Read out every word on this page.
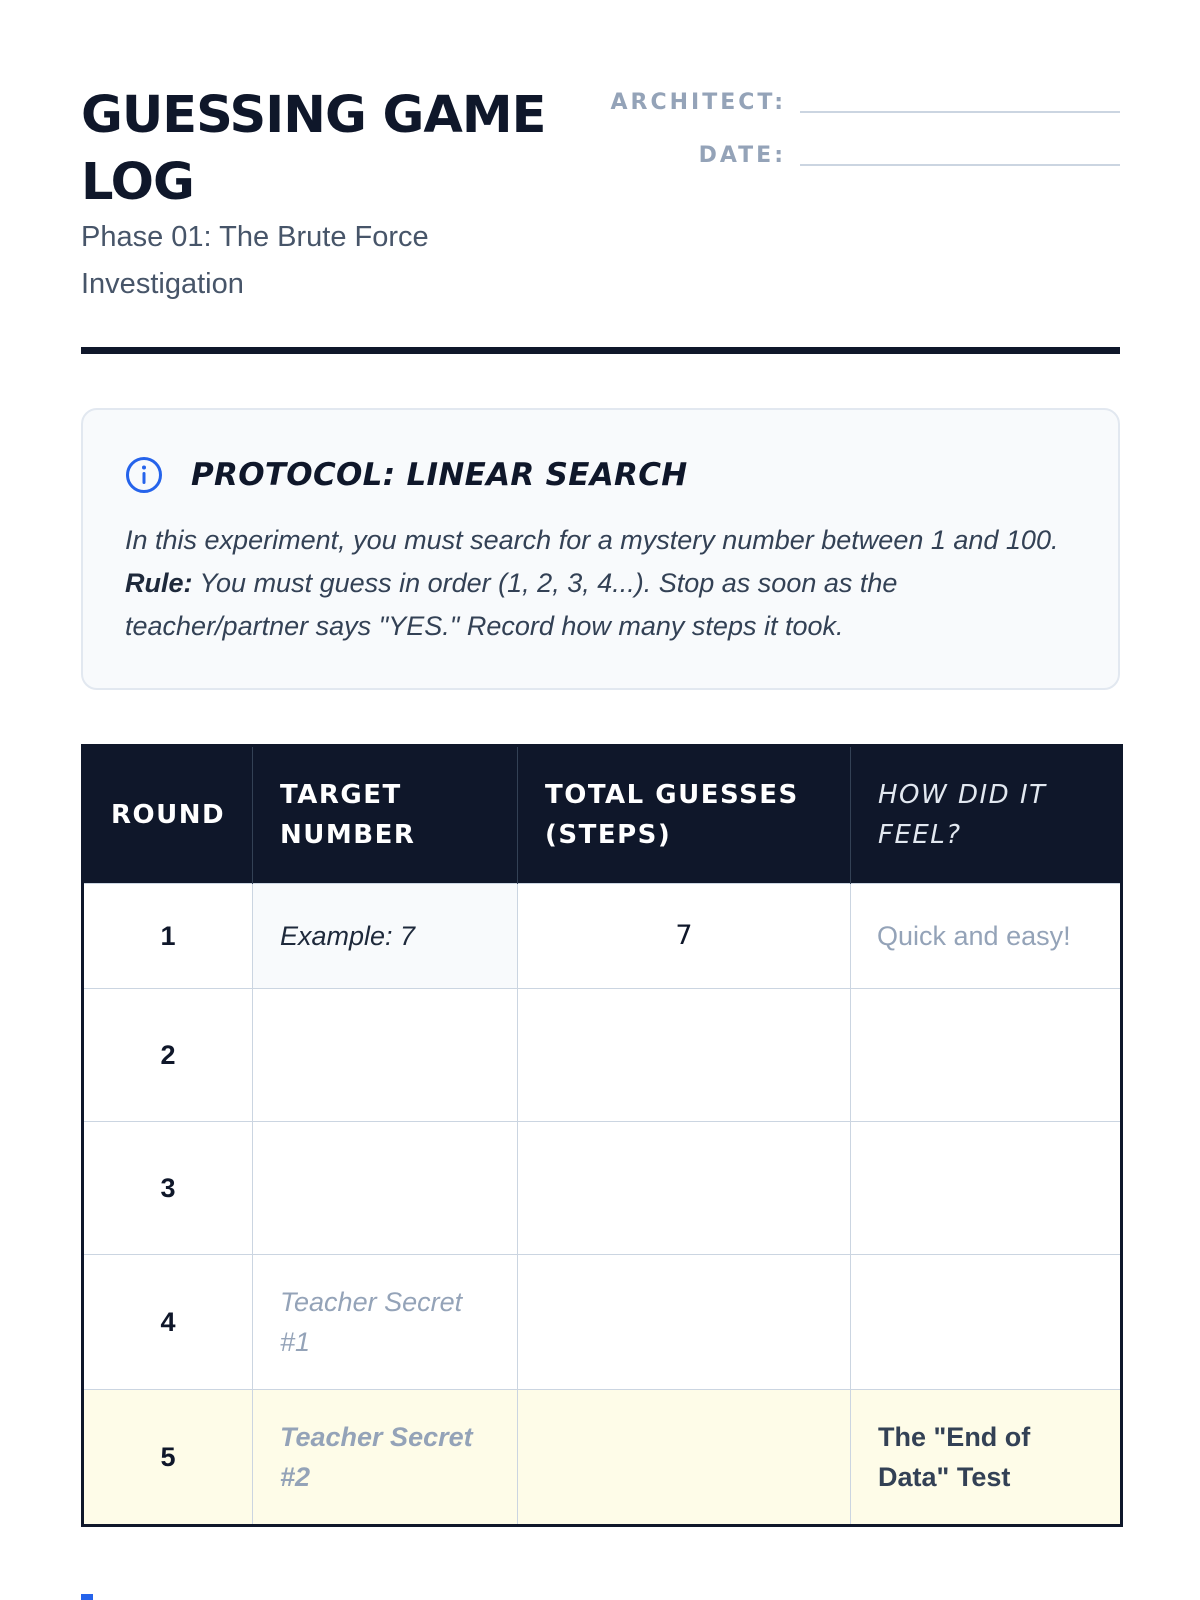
GUESSING GAME LOG
Phase 01: The Brute Force Investigation
ARCHITECT:
DATE:
PROTOCOL: LINEAR SEARCH
In this experiment, you must search for a mystery number between 1 and 100. Rule: You must guess in order (1, 2, 3, 4...). Stop as soon as the teacher/partner says "YES." Record how many steps it took.
ROUND	TARGET NUMBER	TOTAL GUESSES (STEPS)	HOW DID IT FEEL?
1	Example: 7	7	Quick and easy!
2			
3			
4	Teacher Secret #1		
5	Teacher Secret #2		The "End of Data" Test
